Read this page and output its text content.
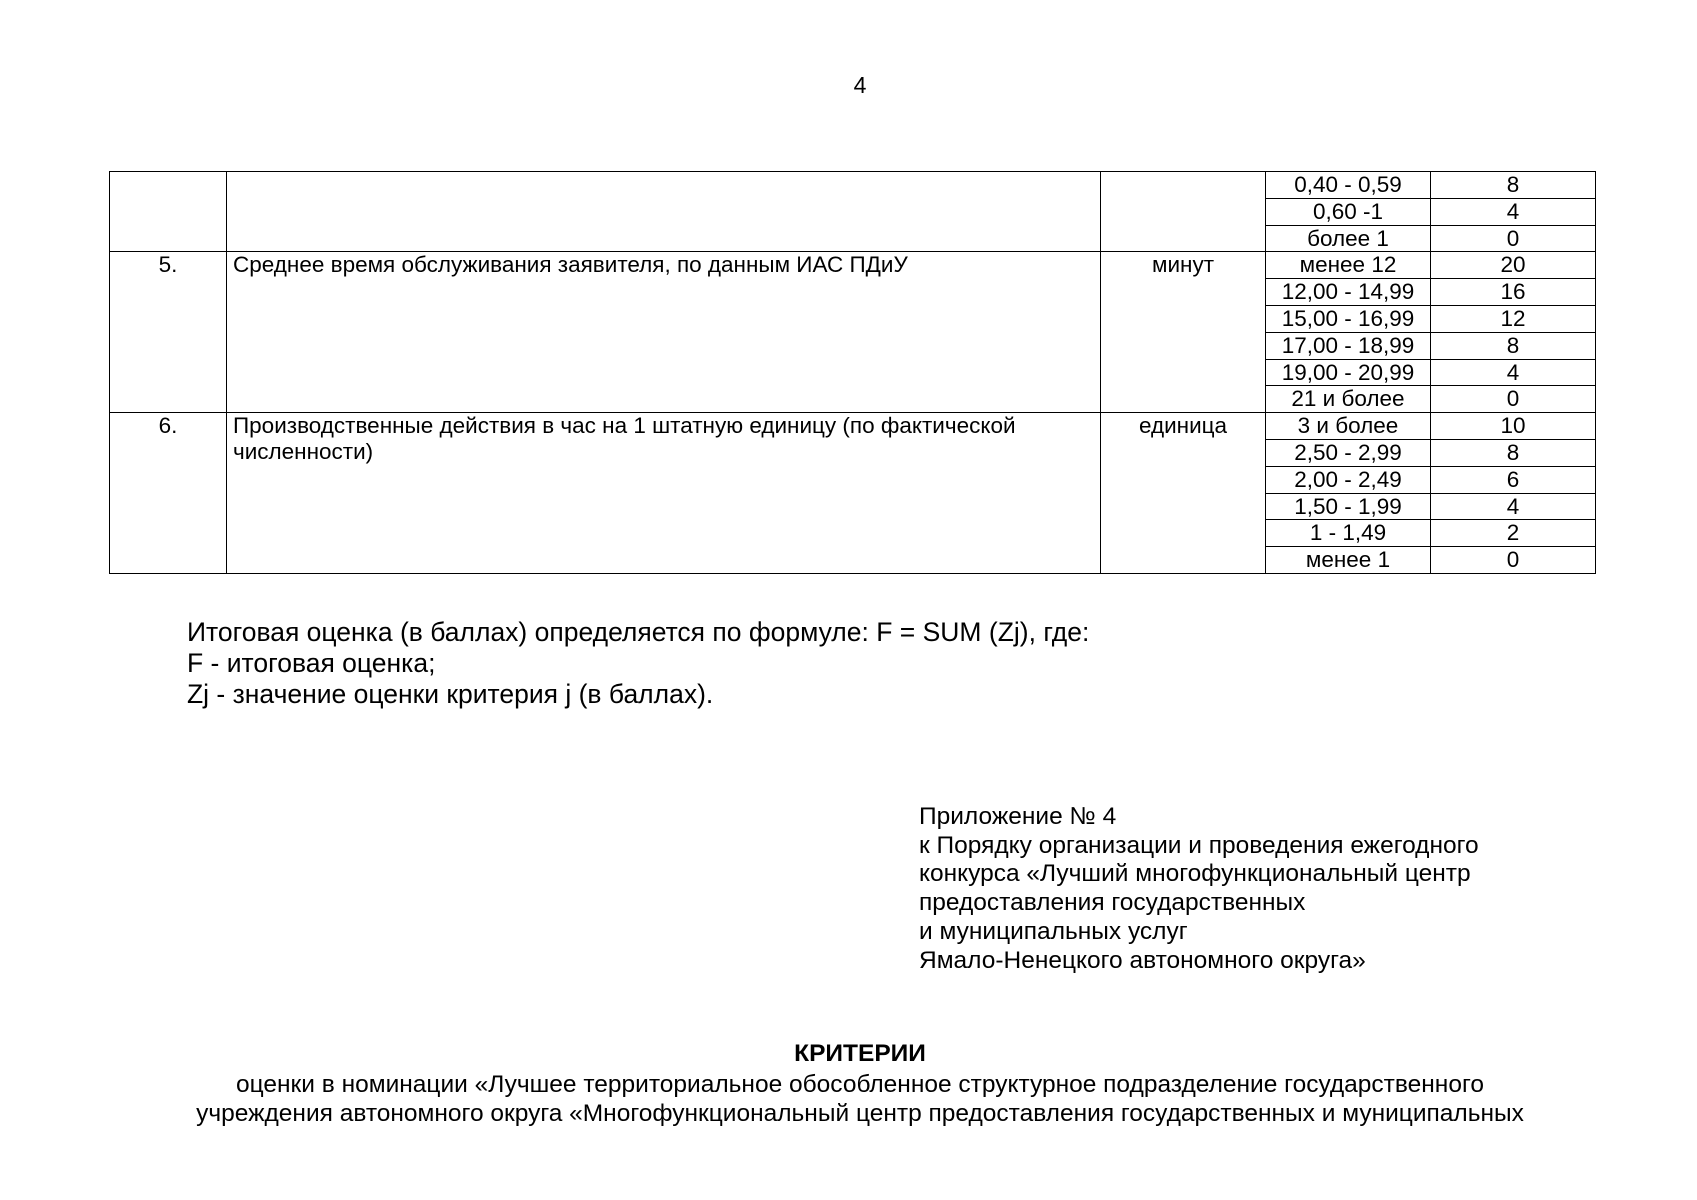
4
			0,40 - 0,59	8
			0,60 -1	4
			более 1	0
5.	Среднее время обслуживания заявителя, по данным ИАС ПДиУ	минут	менее 12	20
			12,00 - 14,99	16
			15,00 - 16,99	12
			17,00 - 18,99	8
			19,00 - 20,99	4
			21 и более	0
6.	Производственные действия в час на 1 штатную единицу (по фактической численности)	единица	3 и более	10
			2,50 - 2,99	8
			2,00 - 2,49	6
			1,50 - 1,99	4
			1 - 1,49	2
			менее 1	0
Итоговая оценка (в баллах) определяется по формуле: F = SUM (Zj), где:
F - итоговая оценка;
Zj - значение оценки критерия j (в баллах).
Приложение № 4
к Порядку организации и проведения ежегодного
конкурса «Лучший многофункциональный центр
предоставления государственных
и муниципальных услуг
Ямало-Ненецкого автономного округа»
КРИТЕРИИ
оценки в номинации «Лучшее территориальное обособленное структурное подразделение государственного
учреждения автономного округа «Многофункциональный центр предоставления государственных и муниципальных
